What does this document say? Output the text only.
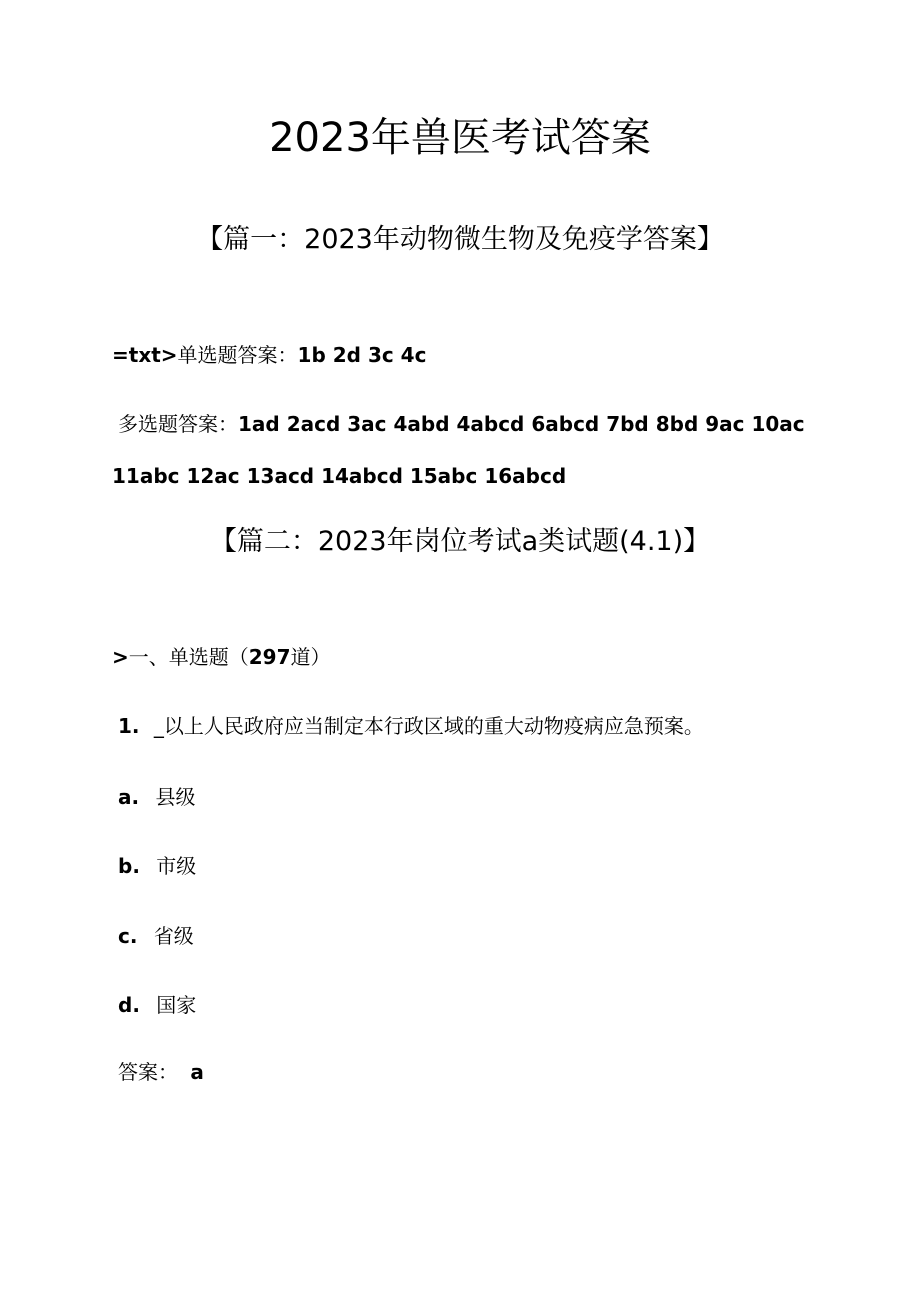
2023年兽医考试答案
【篇一：2023年动物微生物及免疫学答案】
=txt>单选题答案：1b 2d 3c 4c
多选题答案：1ad 2acd 3ac 4abd 4abcd 6abcd 7bd 8bd 9ac 10ac
11abc 12ac 13acd 14abcd 15abc 16abcd
【篇二：2023年岗位考试a类试题(4.1)】
>一、单选题（297道）
1. _以上人民政府应当制定本行政区域的重大动物疫病应急预案。
a. 县级
b. 市级
c. 省级
d. 国家
答案： a
